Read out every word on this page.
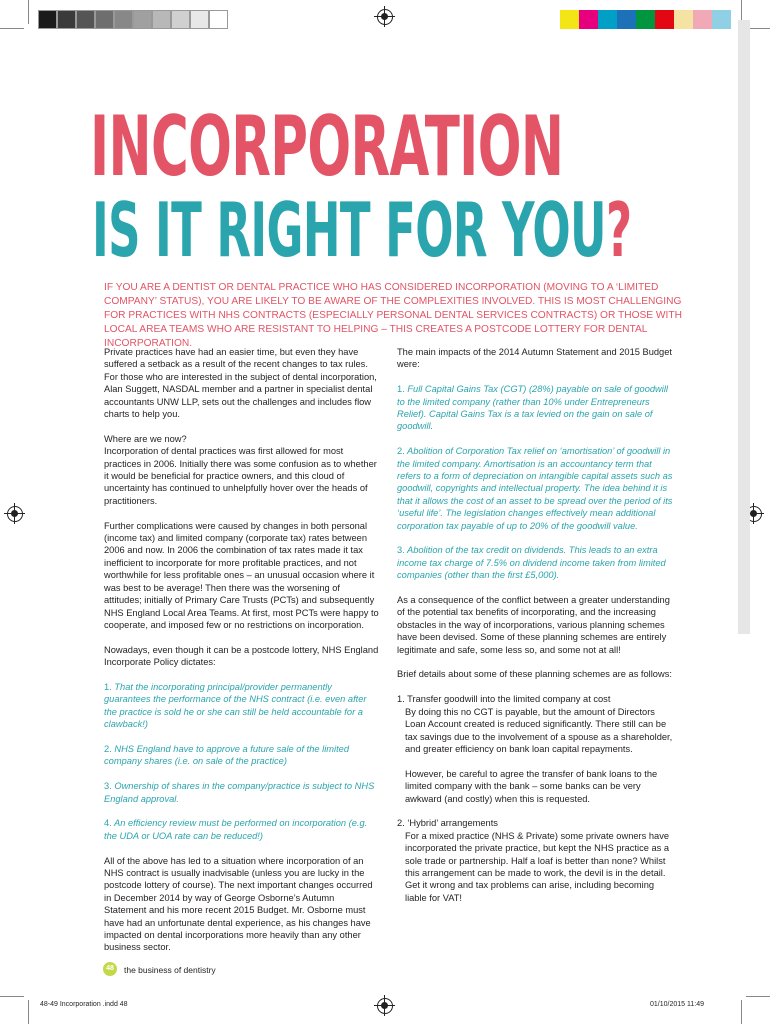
INCORPORATION
IS IT RIGHT FOR YOU?
IF YOU ARE A DENTIST OR DENTAL PRACTICE WHO HAS CONSIDERED INCORPORATION (MOVING TO A ‘LIMITED COMPANY’ STATUS), YOU ARE LIKELY TO BE AWARE OF THE COMPLEXITIES INVOLVED. THIS IS MOST CHALLENGING FOR PRACTICES WITH NHS CONTRACTS (ESPECIALLY PERSONAL DENTAL SERVICES CONTRACTS) OR THOSE WITH LOCAL AREA TEAMS WHO ARE RESISTANT TO HELPING – THIS CREATES A POSTCODE LOTTERY FOR DENTAL INCORPORATION.

Private practices have had an easier time, but even they have suffered a setback as a result of the recent changes to tax rules. For those who are interested in the subject of dental incorporation, Alan Suggett, NASDAL member and a partner in specialist dental accountants UNW LLP, sets out the challenges and includes flow charts to help you.

Where are we now?

Incorporation of dental practices was first allowed for most practices in 2006. Initially there was some confusion as to whether it would be beneficial for practice owners, and this cloud of uncertainty has continued to unhelpfully hover over the heads of practitioners.

Further complications were caused by changes in both personal (income tax) and limited company (corporate tax) rates between 2006 and now. In 2006 the combination of tax rates made it tax inefficient to incorporate for more profitable practices, and not worthwhile for less profitable ones – an unusual occasion where it was best to be average! Then there was the worsening of attitudes; initially of Primary Care Trusts (PCTs) and subsequently NHS England Local Area Teams. At first, most PCTs were happy to cooperate, and imposed few or no restrictions on incorporation.

Nowadays, even though it can be a postcode lottery, NHS England Incorporate Policy dictates:

1. That the incorporating principal/provider permanently guarantees the performance of the NHS contract (i.e. even after the practice is sold he or she can still be held accountable for a clawback!)

2. NHS England have to approve a future sale of the limited company shares (i.e. on sale of the practice)

3. Ownership of shares in the company/practice is subject to NHS England approval.

4. An efficiency review must be performed on incorporation (e.g. the UDA or UOA rate can be reduced!)

All of the above has led to a situation where incorporation of an NHS contract is usually inadvisable (unless you are lucky in the postcode lottery of course). The next important changes occurred in December 2014 by way of George Osborne’s Autumn Statement and his more recent 2015 Budget. Mr. Osborne must have had an unfortunate dental experience, as his changes have impacted on dental incorporations more heavily than any other business sector.

The main impacts of the 2014 Autumn Statement and 2015 Budget were:

1. Full Capital Gains Tax (CGT) (28%) payable on sale of goodwill to the limited company (rather than 10% under Entrepreneurs Relief). Capital Gains Tax is a tax levied on the gain on sale of goodwill.

2. Abolition of Corporation Tax relief on ‘amortisation’ of goodwill in the limited company. Amortisation is an accountancy term that refers to a form of depreciation on intangible capital assets such as goodwill, copyrights and intellectual property. The idea behind it is that it allows the cost of an asset to be spread over the period of its ‘useful life’. The legislation changes effectively mean additional corporation tax payable of up to 20% of the goodwill value.

3. Abolition of the tax credit on dividends. This leads to an extra income tax charge of 7.5% on dividend income taken from limited companies (other than the first £5,000).

As a consequence of the conflict between a greater understanding of the potential tax benefits of incorporating, and the increasing obstacles in the way of incorporations, various planning schemes have been devised. Some of these planning schemes are entirely legitimate and safe, some less so, and some not at all!

Brief details about some of these planning schemes are as follows:

1. Transfer goodwill into the limited company at cost

By doing this no CGT is payable, but the amount of Directors Loan Account created is reduced significantly. There still can be tax savings due to the involvement of a spouse as a shareholder, and greater efficiency on bank loan capital repayments.

However, be careful to agree the transfer of bank loans to the limited company with the bank – some banks can be very awkward (and costly) when this is requested.

2. ‘Hybrid’ arrangements

For a mixed practice (NHS & Private) some private owners have incorporated the private practice, but kept the NHS practice as a sole trade or partnership. Half a loaf is better than none? Whilst this arrangement can be made to work, the devil is in the detail. Get it wrong and tax problems can arise, including becoming liable for VAT!

48	the business of dentistry
48-49 Incorporation .indd 48	01/10/2015 11:49
